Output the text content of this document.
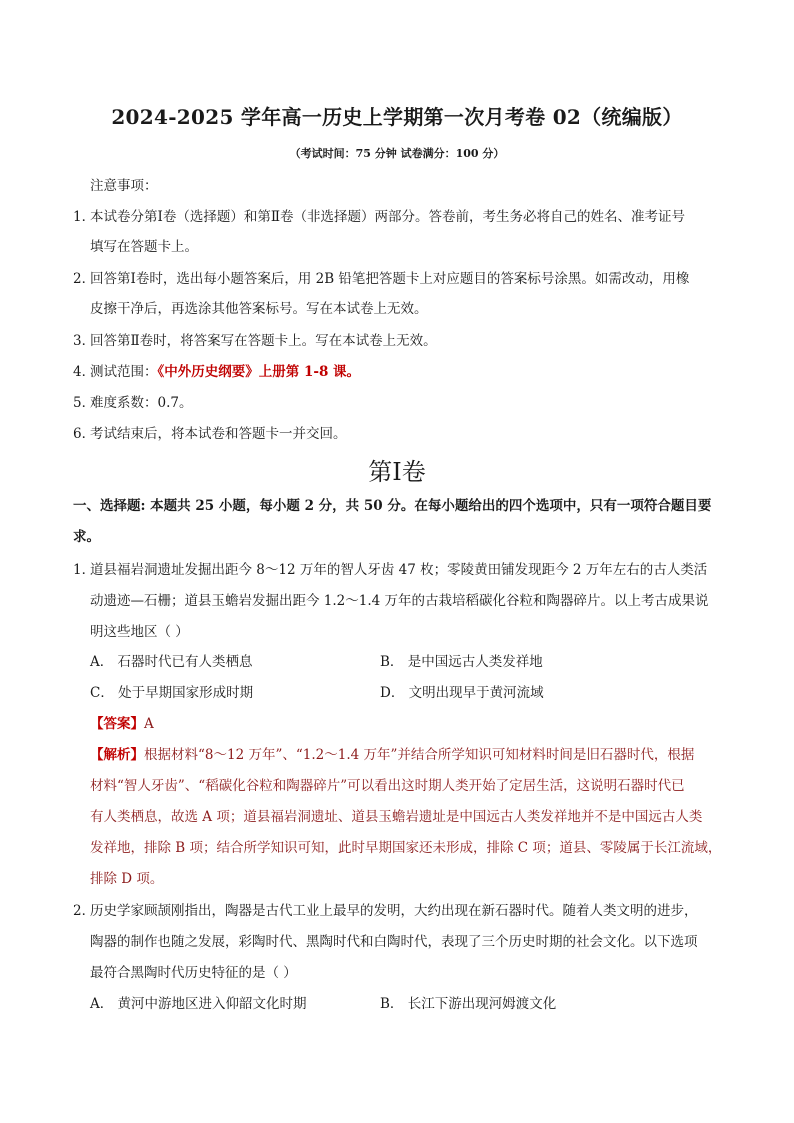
2024-2025 学年高一历史上学期第一次月考卷 02（统编版）
（考试时间：75 分钟 试卷满分：100 分）
注意事项：
1．
本试卷分第Ⅰ卷（选择题）和第Ⅱ卷（非选择题）两部分。答卷前，考生务必将自己的姓名、准考证号
填写在答题卡上。
2．
回答第Ⅰ卷时，选出每小题答案后，用 2B 铅笔把答题卡上对应题目的答案标号涂黑。如需改动，用橡
皮擦干净后，再选涂其他答案标号。写在本试卷上无效。
3．
回答第Ⅱ卷时，将答案写在答题卡上。写在本试卷上无效。
4．
测试范围：《中外历史纲要》上册第 1-8 课。
5．
难度系数：0.7。
6．
考试结束后，将本试卷和答题卡一并交回。
第Ⅰ卷
一、选择题: 本题共 25 小题，每小题 2 分，共 50 分。在每小题给出的四个选项中，只有一项符合题目要
求。
1．
道县福岩洞遗址发掘出距今 8～12 万年的智人牙齿 47 枚；零陵黄田铺发现距今 2 万年左右的古人类活
动遗迹—石栅；道县玉蟾岩发掘出距今 1.2～1.4 万年的古栽培稻碳化谷粒和陶器碎片。以上考古成果说
明这些地区（ ）
A． 石器时代已有人类栖息	B． 是中国远古人类发祥地
C． 处于早期国家形成时期	D． 文明出现早于黄河流域
【答案】A
【解析】根据材料“8～12 万年”、“1.2～1.4 万年”并结合所学知识可知材料时间是旧石器时代，根据
材料“智人牙齿”、“稻碳化谷粒和陶器碎片”可以看出这时期人类开始了定居生活，这说明石器时代已
有人类栖息，故选 A 项；道县福岩洞遗址、道县玉蟾岩遗址是中国远古人类发祥地并不是中国远古人类
发祥地，排除 B 项；结合所学知识可知，此时早期国家还未形成，排除 C 项；道县、零陵属于长江流域，
排除 D 项。
2．
历史学家顾颉刚指出，陶器是古代工业上最早的发明，大约出现在新石器时代。随着人类文明的进步，
陶器的制作也随之发展，彩陶时代、黑陶时代和白陶时代，表现了三个历史时期的社会文化。以下选项
最符合黑陶时代历史特征的是（ ）
A． 黄河中游地区进入仰韶文化时期	B． 长江下游出现河姆渡文化
